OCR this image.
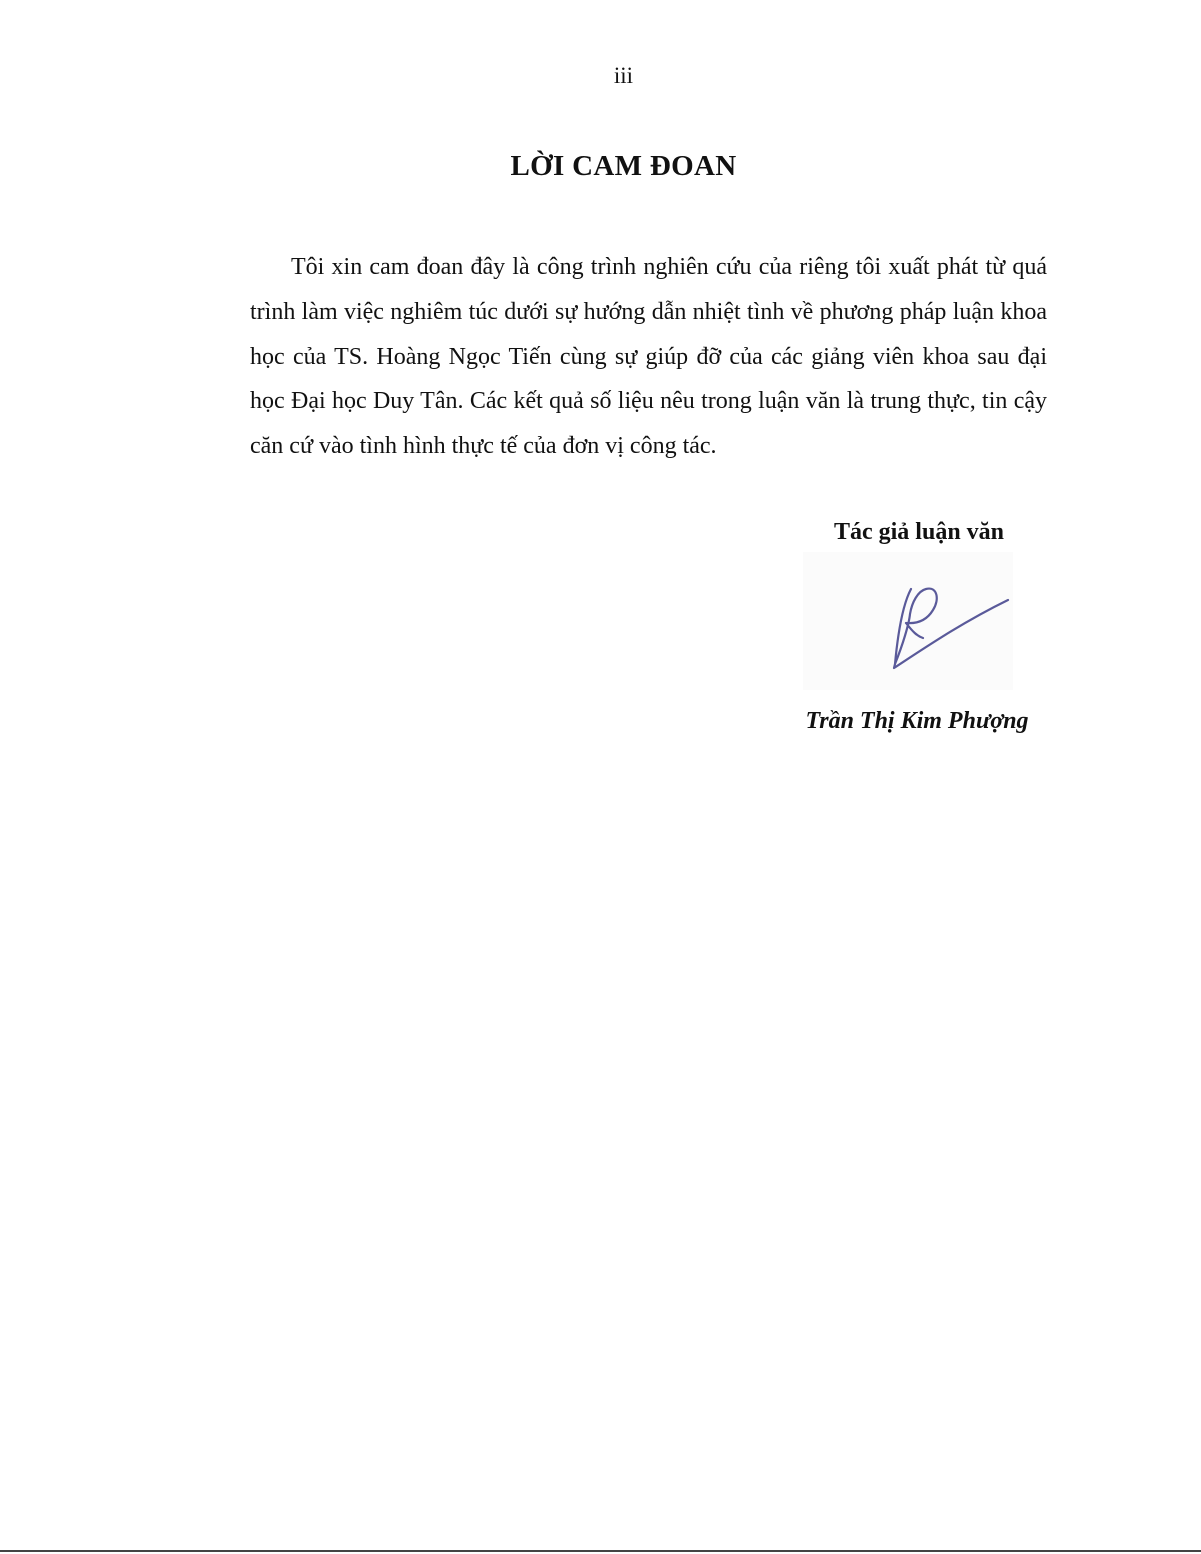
iii
LỜI CAM ĐOAN

Tôi xin cam đoan đây là công trình nghiên cứu của riêng tôi xuất phát từ quá trình làm việc nghiêm túc dưới sự hướng dẫn nhiệt tình về phương pháp luận khoa học của TS. Hoàng Ngọc Tiến cùng sự giúp đỡ của các giảng viên khoa sau đại học Đại học Duy Tân. Các kết quả số liệu nêu trong luận văn là trung thực, tin cậy căn cứ vào tình hình thực tế của đơn vị công tác.

Tác giả luận văn
Trần Thị Kim Phượng
